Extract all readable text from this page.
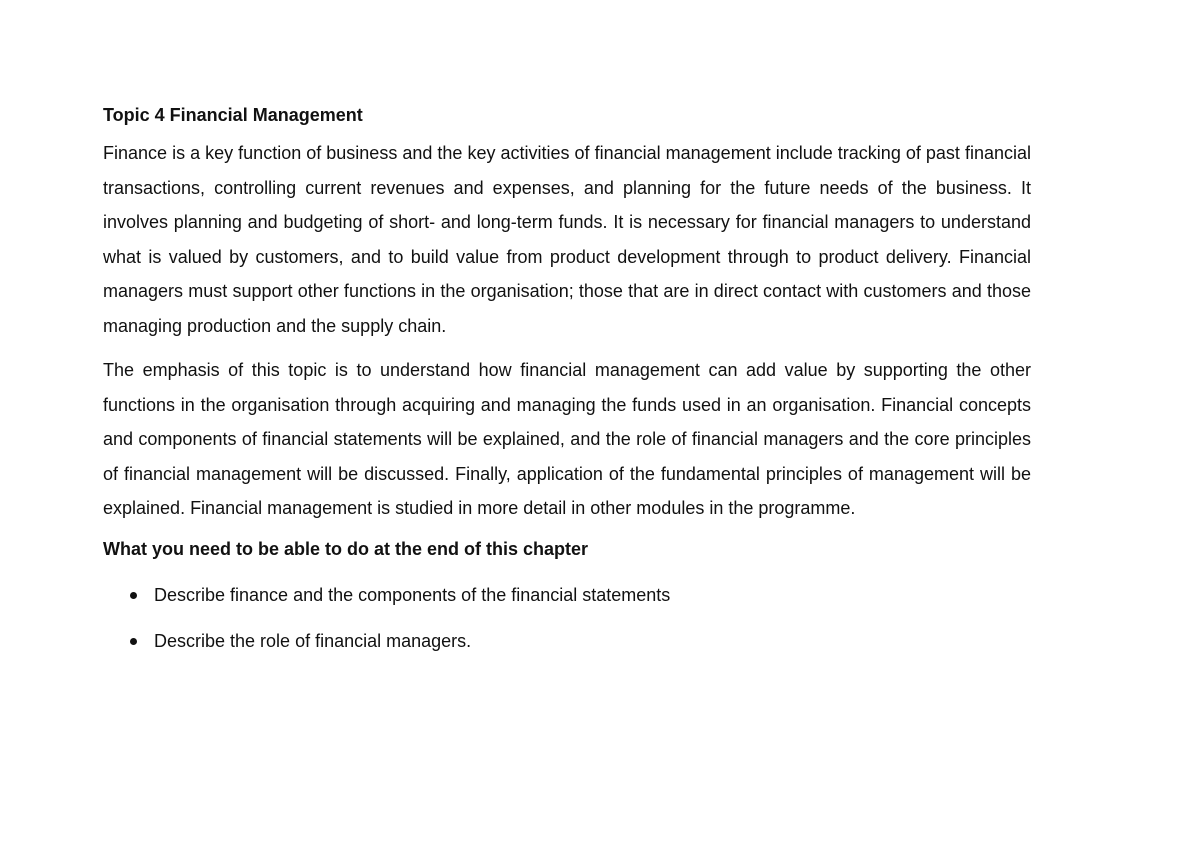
Topic 4 Financial Management

Finance is a key function of business and the key activities of financial management include tracking of past financial transactions, controlling current revenues and expenses, and planning for the future needs of the business. It involves planning and budgeting of short- and long-term funds. It is necessary for financial managers to understand what is valued by customers, and to build value from product development through to product delivery. Financial managers must support other functions in the organisation; those that are in direct contact with customers and those managing production and the supply chain.

The emphasis of this topic is to understand how financial management can add value by supporting the other functions in the organisation through acquiring and managing the funds used in an organisation. Financial concepts and components of financial statements will be explained, and the role of financial managers and the core principles of financial management will be discussed. Finally, application of the fundamental principles of management will be explained. Financial management is studied in more detail in other modules in the programme.

What you need to be able to do at the end of this chapter
Describe finance and the components of the financial statements
Describe the role of financial managers.
